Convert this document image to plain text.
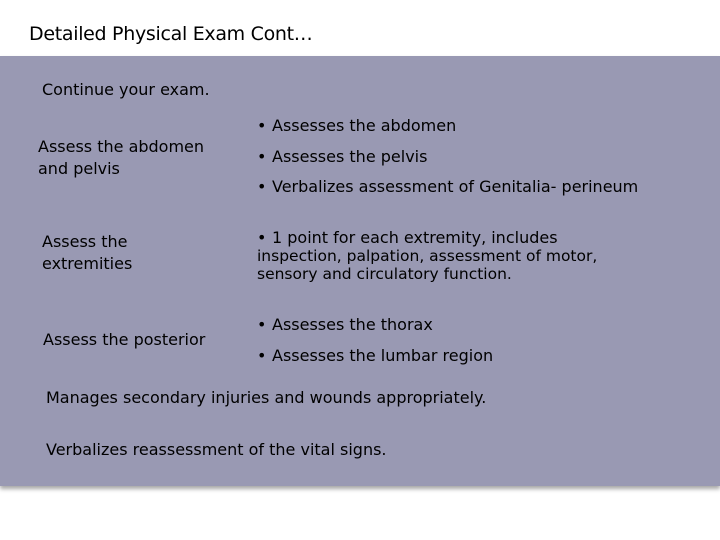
Detailed Physical Exam Cont…
Continue your exam.
Assess the abdomen
and pelvis
• Assesses the abdomen
• Assesses the pelvis
• Verbalizes assessment of Genitalia- perineum
Assess the
extremities
• 1 point for each extremity, includes
inspection, palpation, assessment of motor,
sensory and circulatory function.
Assess the posterior
• Assesses the thorax
• Assesses the lumbar region
Manages secondary injuries and wounds appropriately.
Verbalizes reassessment of the vital signs.
